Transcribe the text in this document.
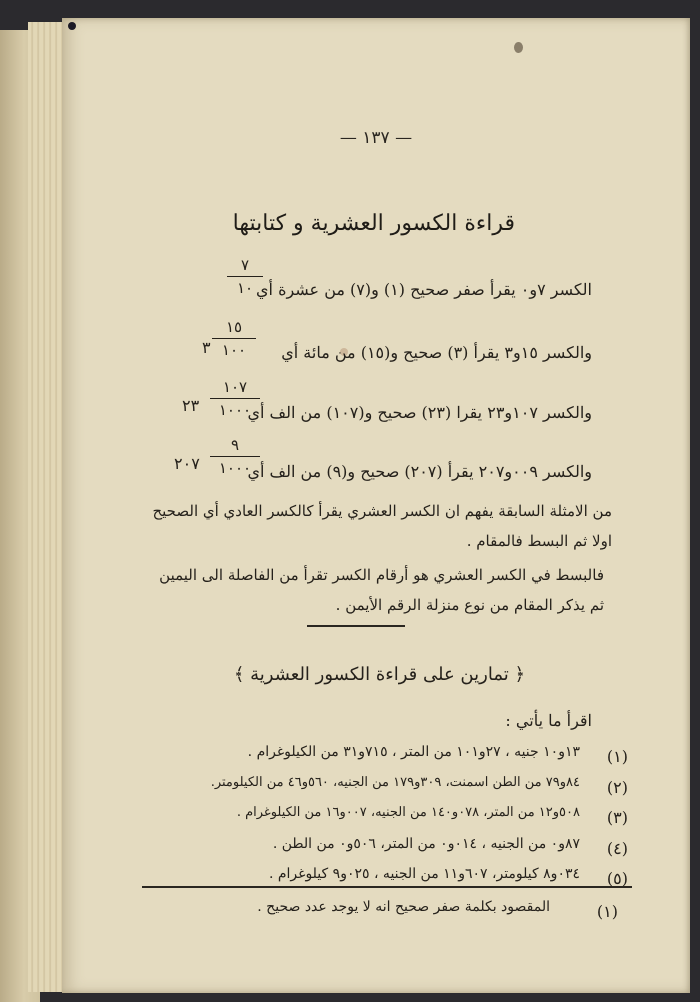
— ١٣٧ —
قراءة الكسور العشرية و كتابتها
الكسر ٧و٠ يقرأ صفر صحيح (١) و(٧) من عشرة أي
٧
١٠
والكسر ١٥و٣ يقرأ (٣) صحيح و(١٥) من مائة أي
١٥
١٠٠
٣
والكسر ١٠٧و٢٣ يقرا (٢٣) صحيح و(١٠٧) من الف أي
١٠٧
١٠٠٠
٢٣
والكسر ٠٠٩و٢٠٧ يقرأ (٢٠٧) صحيح و(٩) من الف أي
٩
١٠٠٠
٢٠٧
من الامثلة السابقة يفهم ان الكسر العشري يقرأ كالكسر العادي أي الصحيح
اولا ثم البسط فالمقام .
فالبسط في الكسر العشري هو أرقام الكسر تقرأ من الفاصلة الى اليمين
ثم يذكر المقام من نوع منزلة الرقم الأيمن .
﴿ تمارين على قراءة الكسور العشرية ﴾
اقرأ ما يأتي :
(١)
١٣و١٠ جنيه ، ٢٧و١٠١ من المتر ، ٧١٥و٣١ من الكيلوغرام .
(٢)
٨٤و٧٩ من الطن اسمنت، ٣٠٩و١٧٩ من الجنيه، ٥٦٠و٤٦ من الكيلومتر.
(٣)
٥٠٨و١٢ من المتر، ٠٧٨و١٤٠ من الجنيه، ٠٠٧و١٦ من الكيلوغرام .
(٤)
٨٧و٠ من الجنيه ، ٠١٤و٠ من المتر، ٥٠٦و٠ من الطن .
(٥)
٠٣٤و٨ كيلومتر، ٦٠٧و١١ من الجنيه ، ٠٢٥و٩ كيلوغرام .
(١)
المقصود بكلمة صفر صحيح انه لا يوجد عدد صحيح .
